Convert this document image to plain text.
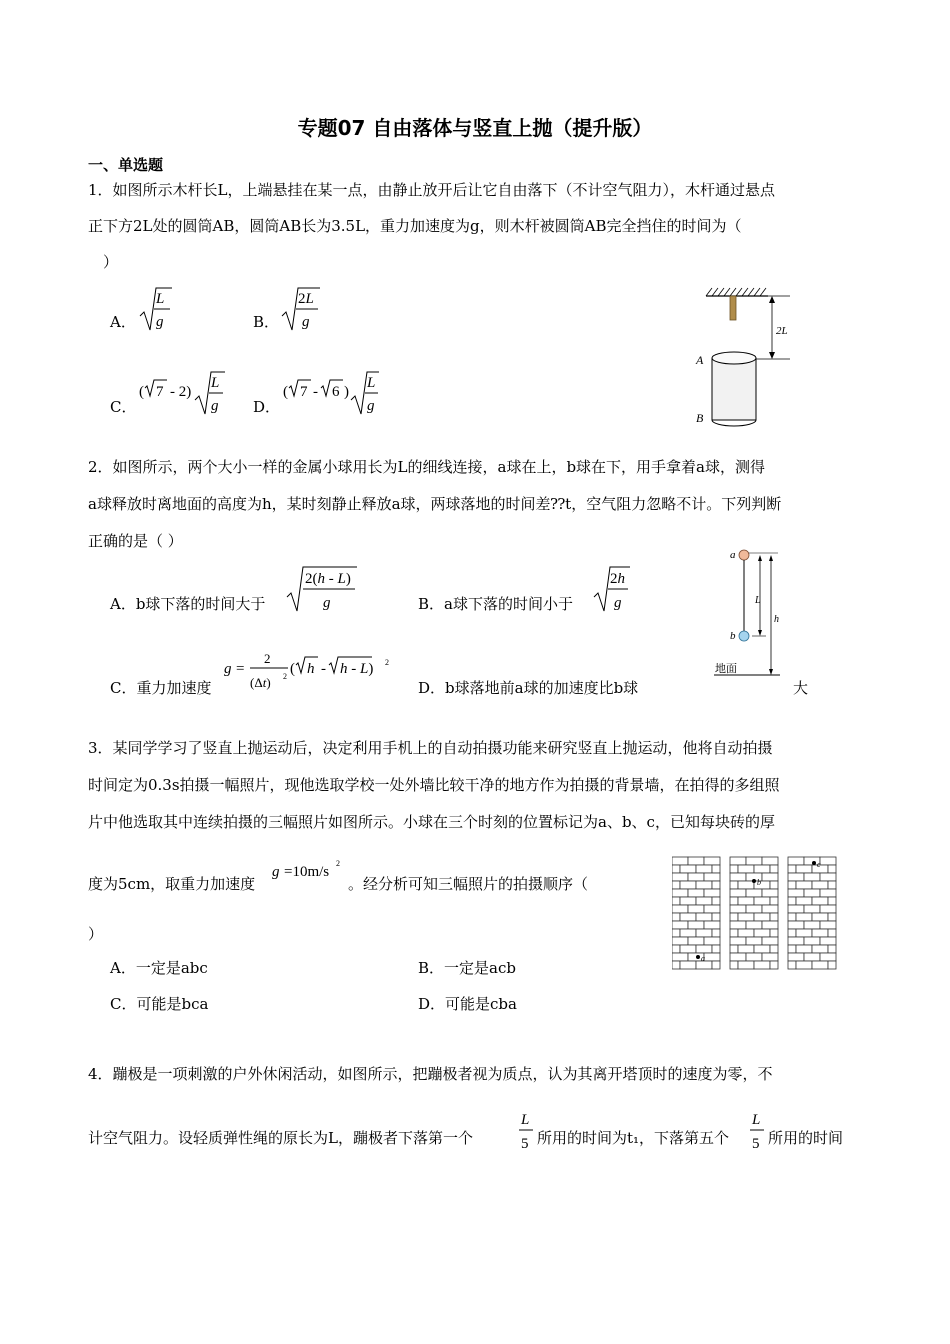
专题07 自由落体与竖直上抛（提升版）
一、单选题
1．如图所示木杆长L，上端悬挂在某一点，由静止放开后让它自由落下（不计空气阻力），木杆通过悬点
正下方2L处的圆筒AB，圆筒AB长为3.5L，重力加速度为g，则木杆被圆筒AB完全挡住的时间为（
）
A．
L
g	B．
2L
g
C．
( 7 - 2)
L
g D．
( 7 - 6 )
L
g
2L
A
B
2．如图所示，两个大小一样的金属小球用长为L的细线连接，a球在上，b球在下，用手拿着a球，测得
a球释放时离地面的高度为h，某时刻静止释放a球，两球落地的时间差⁇t，空气阻力忽略不计。下列判断
正确的是（ ）
A．b球下落的时间大于
2(h - L)
g	B．a球下落的时间小于
2h
g
C．重力加速度
g =
2
(Δt) 2 ( h - h - L) 2
D．b球落地前a球的加速度比b球	大
a
b
L
h
地面
3．某同学学习了竖直上抛运动后，决定利用手机上的自动拍摄功能来研究竖直上抛运动，他将自动拍摄
时间定为0.3s拍摄一幅照片，现他选取学校一处外墙比较干净的地方作为拍摄的背景墙，在拍得的多组照
片中他选取其中连续拍摄的三幅照片如图所示。小球在三个时刻的位置标记为a、b、c，已知每块砖的厚
度为5cm，取重力加速度
g =10m/s
2
。经分析可知三幅照片的拍摄顺序（
）
A．一定是abc	B．一定是acb
C．可能是bca	D．可能是cba
a
b
c
4．蹦极是一项刺激的户外休闲活动，如图所示，把蹦极者视为质点，认为其离开塔顶时的速度为零，不
计空气阻力。设轻质弹性绳的原长为L，蹦极者下落第一个
L
5 所用的时间为t₁，下落第五个
L
5 所用的时间
